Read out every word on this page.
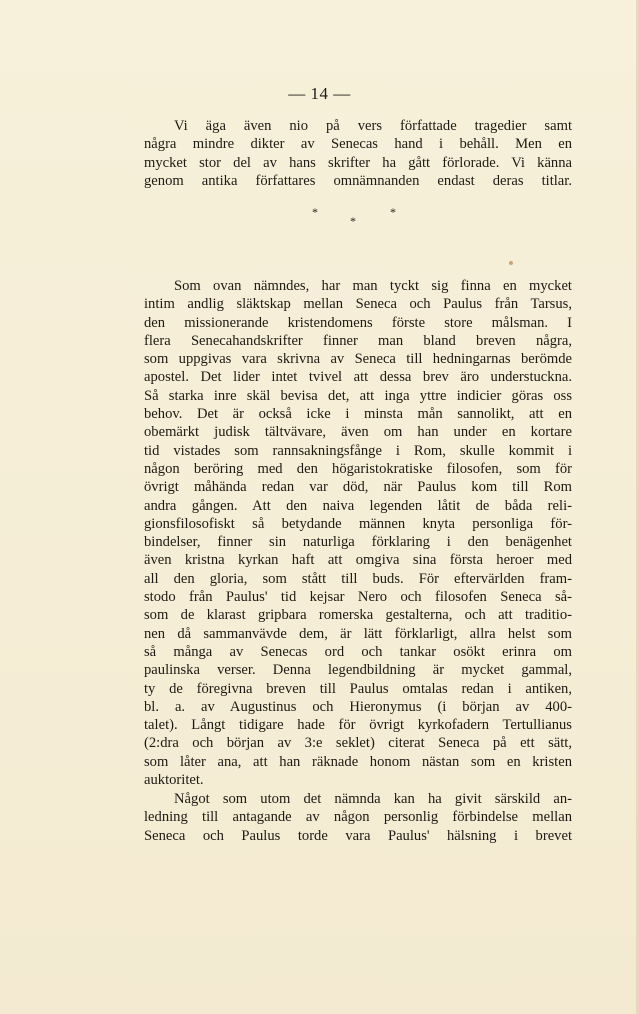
— 14 —
Vi äga även nio på vers författade tragedier samt
några mindre dikter av Senecas hand i behåll. Men en
mycket stor del av hans skrifter ha gått förlorade. Vi känna
genom antika författares omnämnanden endast deras titlar.
*
*
*
Som ovan nämndes, har man tyckt sig finna en mycket
intim andlig släktskap mellan Seneca och Paulus från Tarsus,
den missionerande kristendomens förste store målsman. I
flera Senecahandskrifter finner man bland breven några,
som uppgivas vara skrivna av Seneca till hedningarnas berömde
apostel. Det lider intet tvivel att dessa brev äro understuckna.
Så starka inre skäl bevisa det, att inga yttre indicier göras oss
behov. Det är också icke i minsta mån sannolikt, att en
obemärkt judisk tältvävare, även om han under en kortare
tid vistades som rannsakningsfånge i Rom, skulle kommit i
någon beröring med den högaristokratiske filosofen, som för
övrigt måhända redan var död, när Paulus kom till Rom
andra gången. Att den naiva legenden låtit de båda reli-
gionsfilosofiskt så betydande männen knyta personliga för-
bindelser, finner sin naturliga förklaring i den benägenhet
även kristna kyrkan haft att omgiva sina första heroer med
all den gloria, som stått till buds. För eftervärlden fram-
stodo från Paulus' tid kejsar Nero och filosofen Seneca så-
som de klarast gripbara romerska gestalterna, och att traditio-
nen då sammanvävde dem, är lätt förklarligt, allra helst som
så många av Senecas ord och tankar osökt erinra om
paulinska verser. Denna legendbildning är mycket gammal,
ty de föregivna breven till Paulus omtalas redan i antiken,
bl. a. av Augustinus och Hieronymus (i början av 400-
talet). Långt tidigare hade för övrigt kyrkofadern Tertullianus
(2:dra och början av 3:e seklet) citerat Seneca på ett sätt,
som låter ana, att han räknade honom nästan som en kristen
auktoritet.
Något som utom det nämnda kan ha givit särskild an-
ledning till antagande av någon personlig förbindelse mellan
Seneca och Paulus torde vara Paulus' hälsning i brevet
